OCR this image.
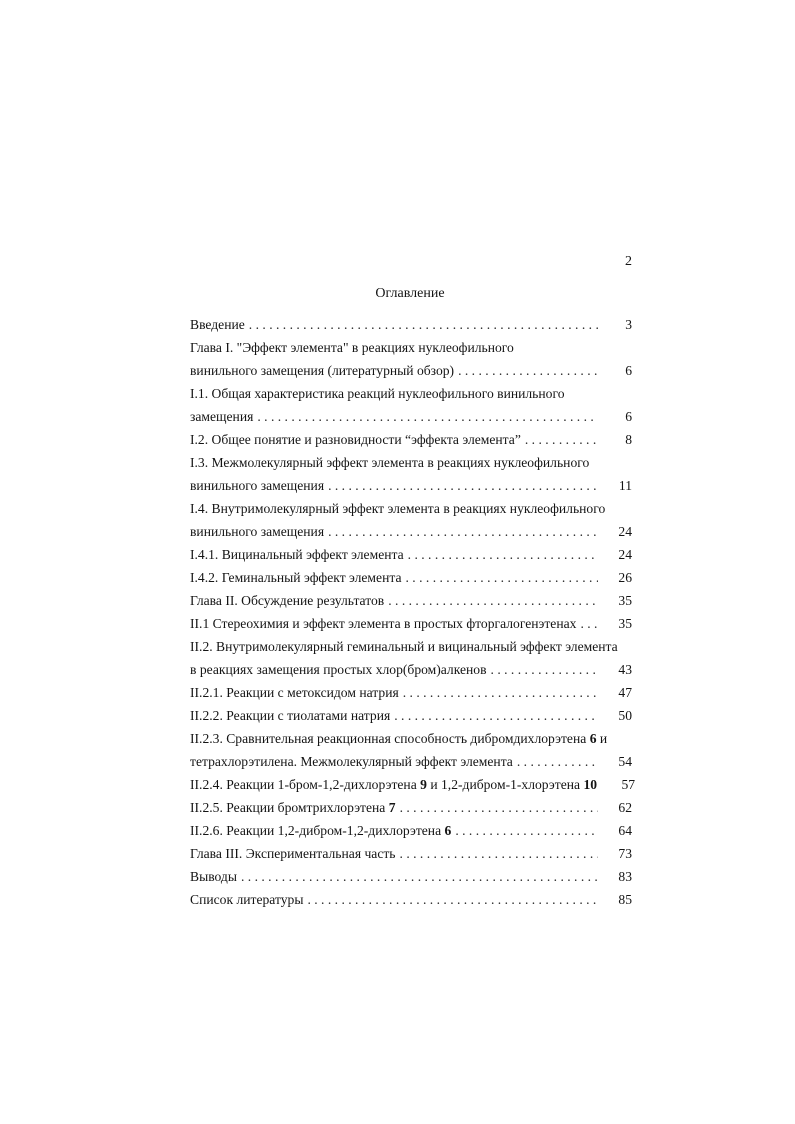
2
Оглавление
Введение . . .	3
Глава I. "Эффект элемента" в реакциях нуклеофильного
винильного замещения (литературный обзор) . . .	6
I.1. Общая характеристика реакций нуклеофильного винильного
замещения . . .	6
I.2. Общее понятие и разновидности “эффекта элемента” . . .	8
I.3. Межмолекулярный эффект элемента в реакциях нуклеофильного
винильного замещения . . .	11
I.4. Внутримолекулярный эффект элемента в реакциях нуклеофильного
винильного замещения . . .	24
I.4.1. Вицинальный эффект элемента . . .	24
I.4.2. Геминальный эффект элемента . . .	26
Глава II. Обсуждение результатов . . .	35
II.1 Стереохимия и эффект элемента в простых фторгалогенэтенах . . .	35
II.2. Внутримолекулярный геминальный и вицинальный эффект элемента
в реакциях замещения простых хлор(бром)алкенов . . .	43
II.2.1. Реакции с метоксидом натрия . . .	47
II.2.2. Реакции с тиолатами натрия . . .	50
II.2.3. Сравнительная реакционная способность дибромдихлорэтена 6 и
тетрахлорэтилена. Межмолекулярный эффект элемента . . .	54
II.2.4. Реакции 1-бром-1,2-дихлорэтена 9 и 1,2-дибром-1-хлорэтена 10	57
II.2.5. Реакции бромтрихлорэтена 7 . . .	62
II.2.6. Реакции 1,2-дибром-1,2-дихлорэтена 6 . . .	64
Глава III. Экспериментальная часть . . .	73
Выводы . . .	83
Список литературы . . .	85
